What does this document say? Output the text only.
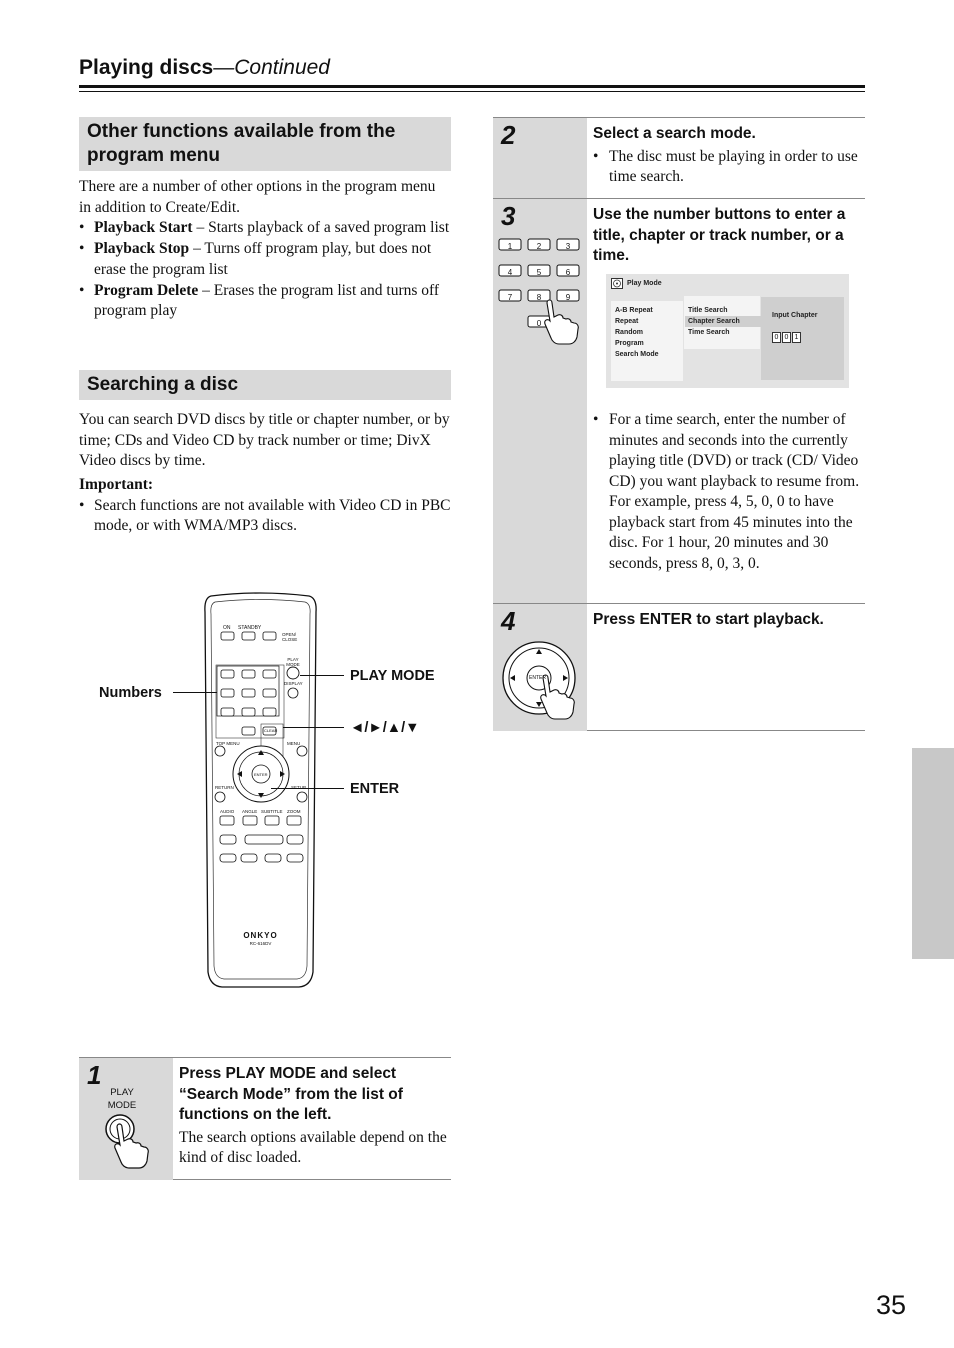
Playing discs—Continued
Other functions available from the program menu

There are a number of other options in the program menu in addition to Create/Edit.

• Playback Start – Starts playback of a saved program list
• Playback Stop – Turns off program play, but does not erase the program list
• Program Delete – Erases the program list and turns off program play
Searching a disc
You can search DVD discs by title or chapter number, or by time; CDs and Video CD by track number or time; DivX Video discs by time.

Important:

• Search functions are not available with Video CD in PBC mode, or with WMA/MP3 discs.
ON STANDBY
OPEN/ CLOSE
PLAY MODE
DISPLAY
CLEAR
TOP MENU	MENU
ENTER
RETURN
AUDIO ANGLE SUBTITLE ZOOM
ONKYO
RC-616DV
Numbers
PLAY MODE
◄/►/▲/▼
ENTER
1
PLAY MODE

Press PLAY MODE and select “Search Mode” from the list of functions on the left.

The search options available depend on the kind of disc loaded.

2	Select a search mode.

• The disc must be playing in order to use time search.
3
1	2	3
4	5	6
7	8	9
0

Use the number buttons to enter a title, chapter or track number, or a time.

• For a time search, enter the number of minutes and seconds into the currently playing title (DVD) or track (CD/ Video CD) you want playback to resume from. For example, press 4, 5, 0, 0 to have playback start from 45 minutes into the disc. For 1 hour, 20 minutes and 30 seconds, press 8, 0, 3, 0.
Play Mode
A-B Repeat
Repeat
Random
Program
Search Mode
Title Search
Chapter Search
Time Search
Input Chapter
0 0 1
4
ENTER

Press ENTER to start playback.

35
